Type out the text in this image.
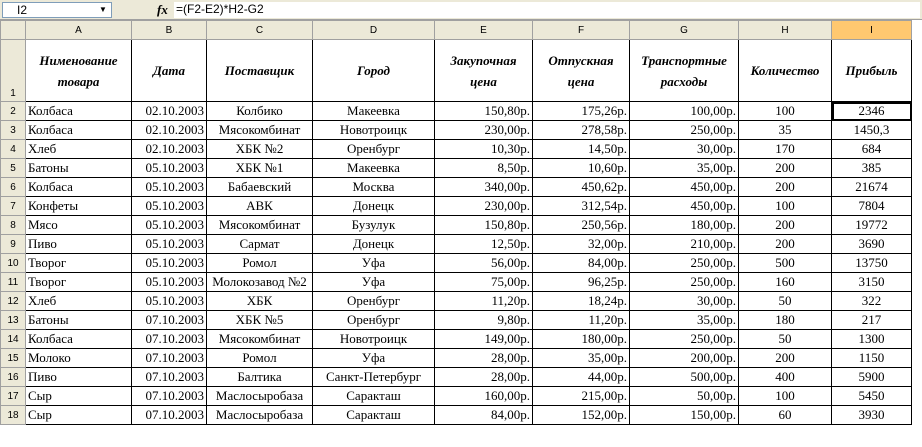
I2	▼	fx =(F2-E2)*H2-G2
	A	B	C	D	E	F	G	H	I
1	Нименование товара	Дата	Поставщик	Город	Закупочная цена	Отпускная цена	Транспортные расходы	Количество	Прибыль
2	Колбаса	02.10.2003	Колбико	Макеевка	150,80р.	175,26р.	100,00р.	100	2346
3	Колбаса	02.10.2003	Мясокомбинат	Новотроицк	230,00р.	278,58р.	250,00р.	35	1450,3
4	Хлеб	02.10.2003	ХБК №2	Оренбург	10,30р.	14,50р.	30,00р.	170	684
5	Батоны	05.10.2003	ХБК №1	Макеевка	8,50р.	10,60р.	35,00р.	200	385
6	Колбаса	05.10.2003	Бабаевский	Москва	340,00р.	450,62р.	450,00р.	200	21674
7	Конфеты	05.10.2003	АВК	Донецк	230,00р.	312,54р.	450,00р.	100	7804
8	Мясо	05.10.2003	Мясокомбинат	Бузулук	150,80р.	250,56р.	180,00р.	200	19772
9	Пиво	05.10.2003	Сармат	Донецк	12,50р.	32,00р.	210,00р.	200	3690
10	Творог	05.10.2003	Ромол	Уфа	56,00р.	84,00р.	250,00р.	500	13750
11	Творог	05.10.2003	Молокозавод №2	Уфа	75,00р.	96,25р.	250,00р.	160	3150
12	Хлеб	05.10.2003	ХБК	Оренбург	11,20р.	18,24р.	30,00р.	50	322
13	Батоны	07.10.2003	ХБК №5	Оренбург	9,80р.	11,20р.	35,00р.	180	217
14	Колбаса	07.10.2003	Мясокомбинат	Новотроицк	149,00р.	180,00р.	250,00р.	50	1300
15	Молоко	07.10.2003	Ромол	Уфа	28,00р.	35,00р.	200,00р.	200	1150
16	Пиво	07.10.2003	Балтика	Санкт-Петербург	28,00р.	44,00р.	500,00р.	400	5900
17	Сыр	07.10.2003	Маслосыробаза	Саракташ	160,00р.	215,00р.	50,00р.	100	5450
18	Сыр	07.10.2003	Маслосыробаза	Саракташ	84,00р.	152,00р.	150,00р.	60	3930
